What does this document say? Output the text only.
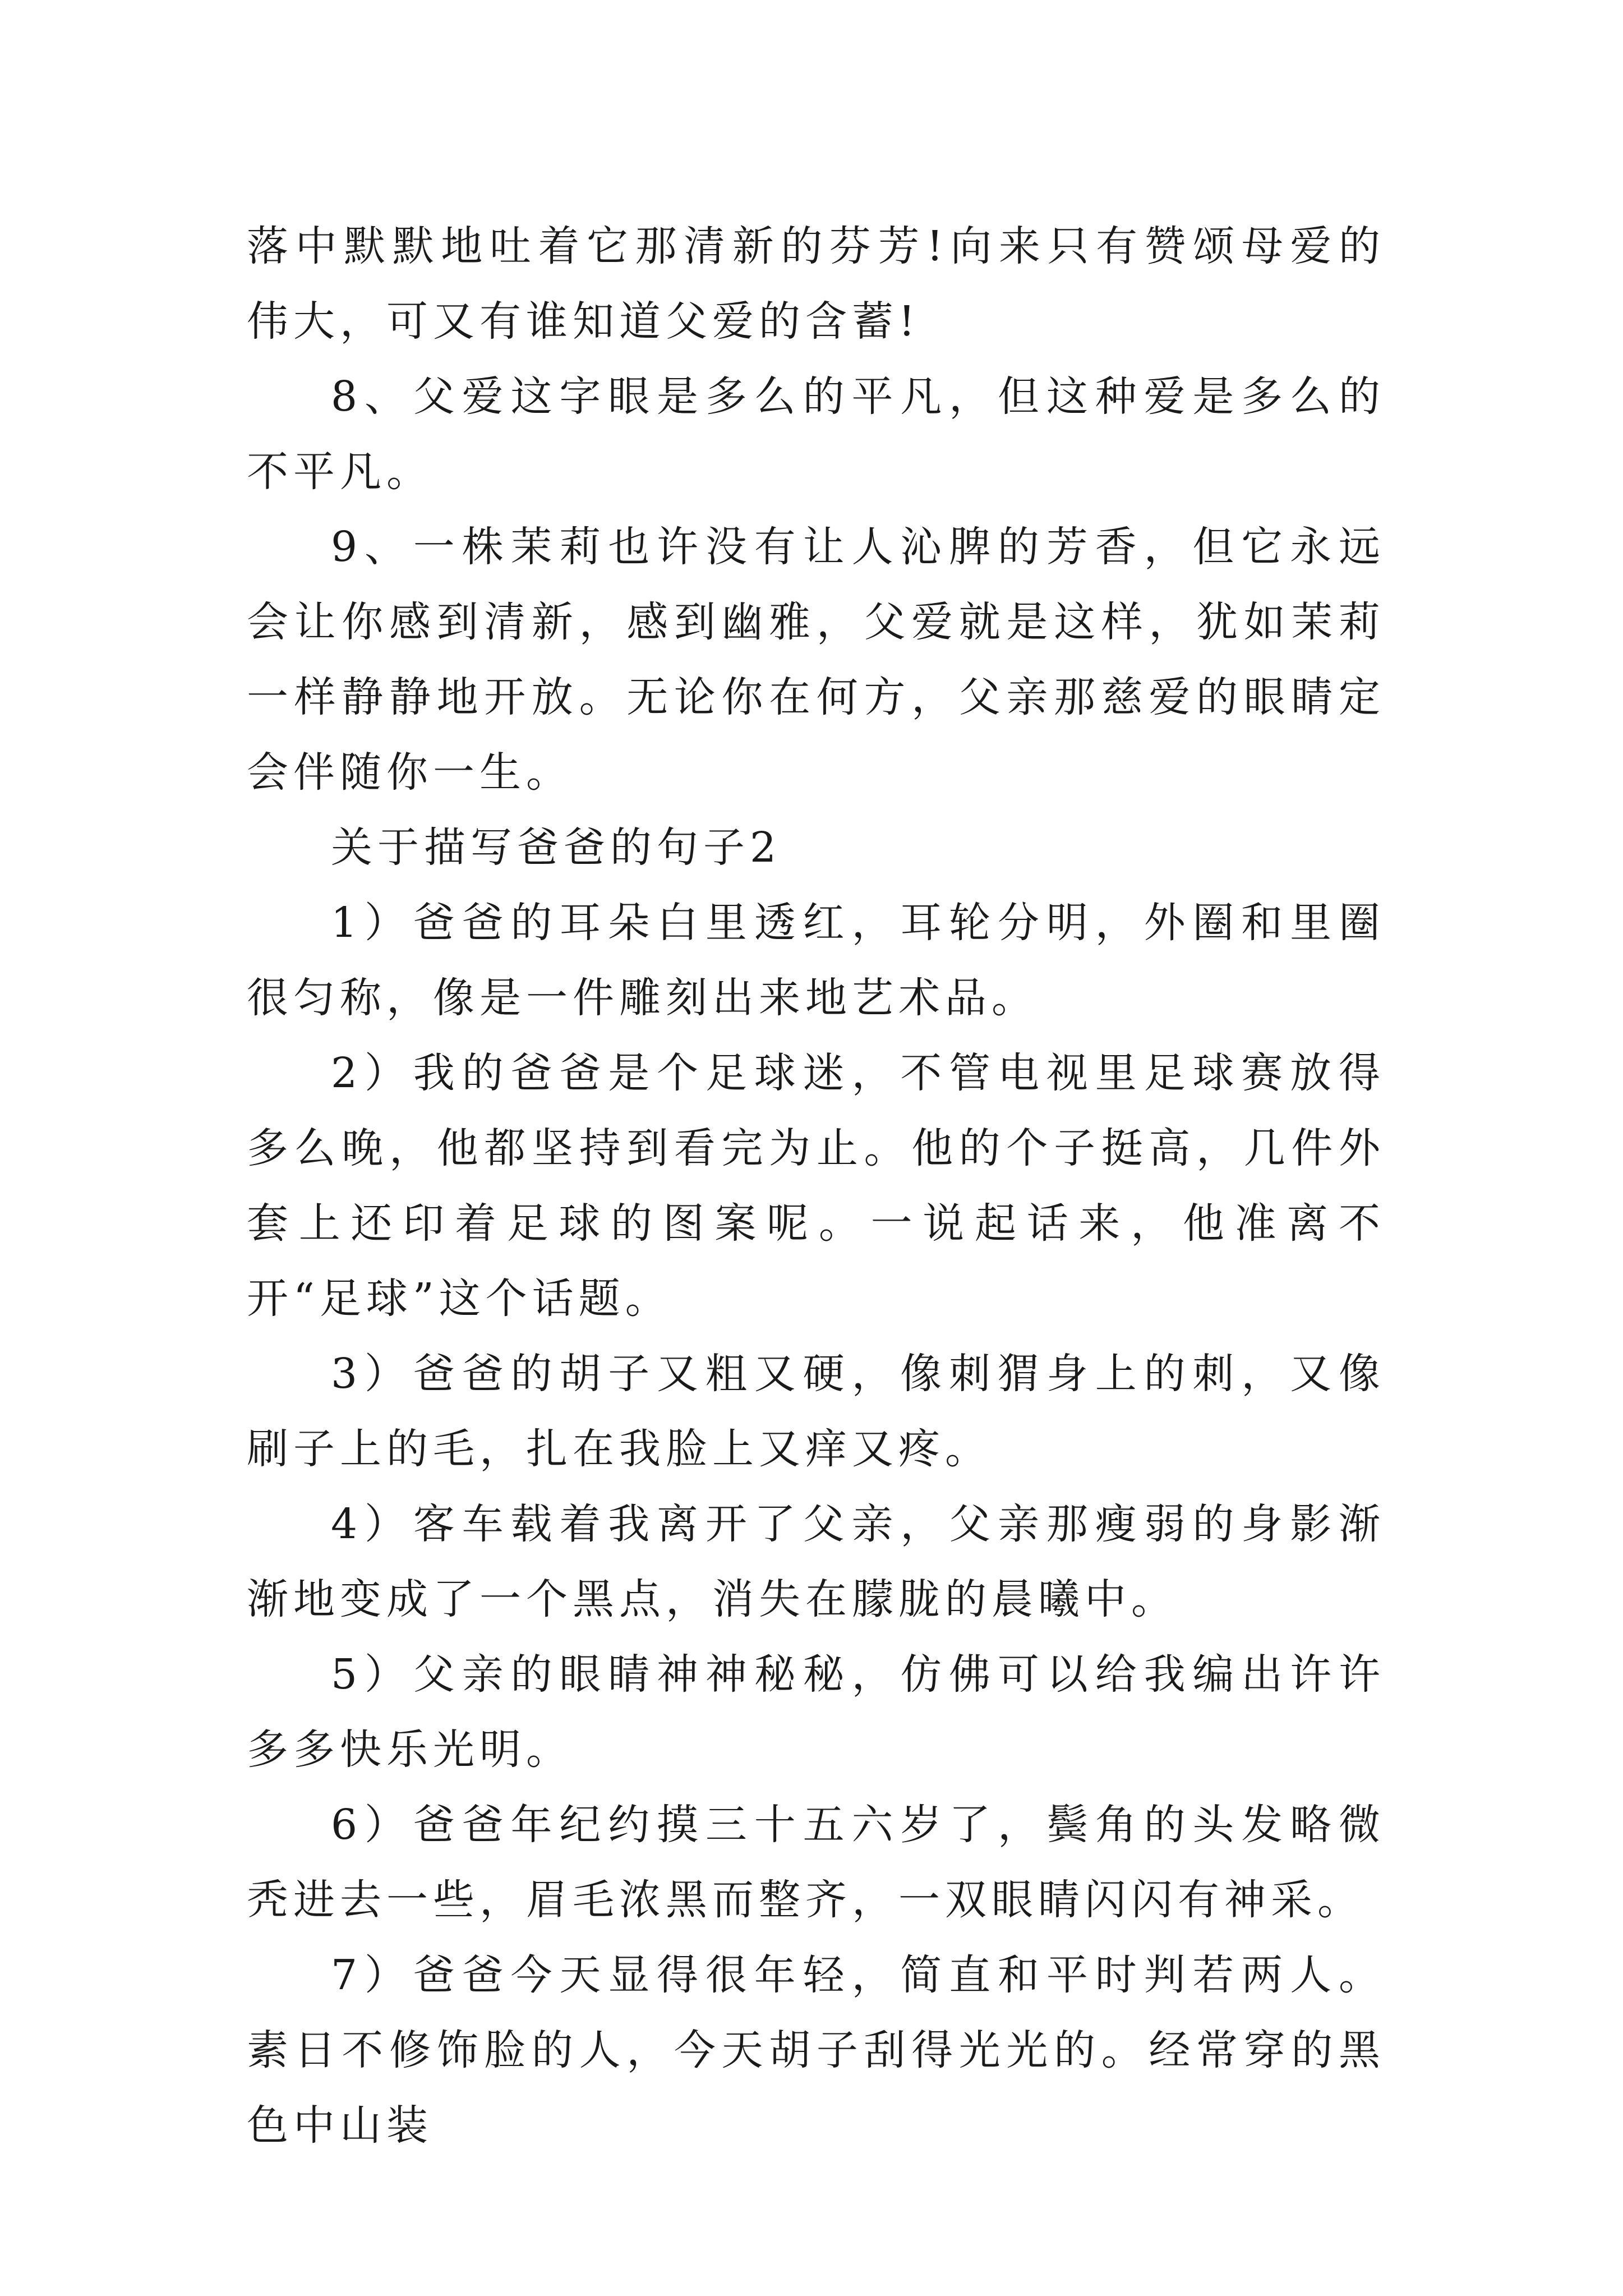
落中默默地吐着它那清新的芬芳!向来只有赞颂母爱的伟大，可又有谁知道父爱的含蓄!

8、父爱这字眼是多么的平凡，但这种爱是多么的不平凡。

9、一株茉莉也许没有让人沁脾的芳香，但它永远会让你感到清新，感到幽雅，父爱就是这样，犹如茉莉一样静静地开放。无论你在何方，父亲那慈爱的眼睛定会伴随你一生。

关于描写爸爸的句子2

1）爸爸的耳朵白里透红，耳轮分明，外圈和里圈很匀称，像是一件雕刻出来地艺术品。

2）我的爸爸是个足球迷，不管电视里足球赛放得多么晚，他都坚持到看完为止。他的个子挺高，几件外套上还印着足球的图案呢。一说起话来，他准离不开“足球”这个话题。

3）爸爸的胡子又粗又硬，像刺猬身上的刺，又像刷子上的毛，扎在我脸上又痒又疼。

4）客车载着我离开了父亲，父亲那瘦弱的身影渐渐地变成了一个黑点，消失在朦胧的晨曦中。

5）父亲的眼睛神神秘秘，仿佛可以给我编出许许多多快乐光明。

6）爸爸年纪约摸三十五六岁了，鬓角的头发略微秃进去一些，眉毛浓黑而整齐，一双眼睛闪闪有神采。

7）爸爸今天显得很年轻，简直和平时判若两人。素日不修饰脸的人，今天胡子刮得光光的。经常穿的黑色中山装
